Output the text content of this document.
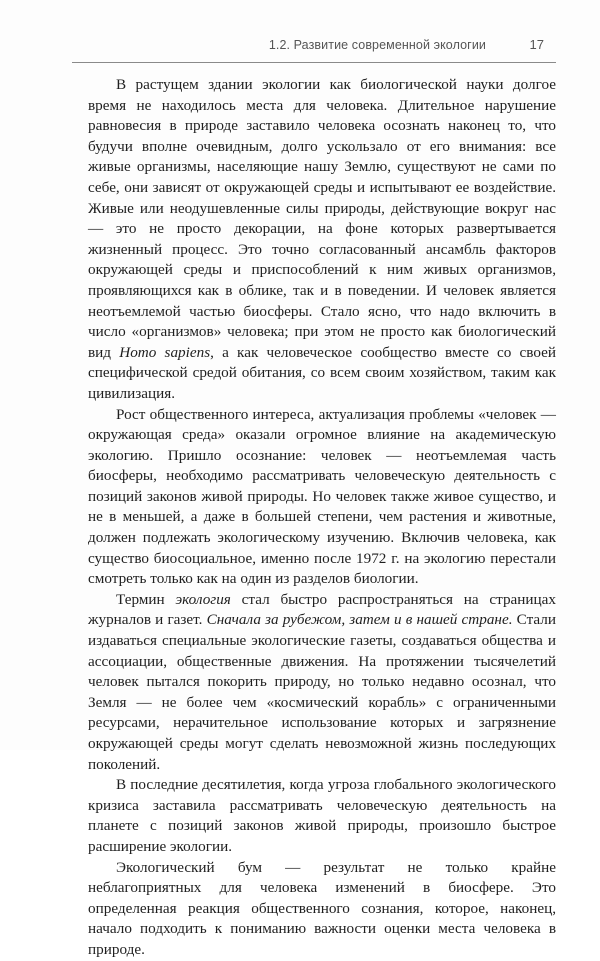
1.2. Развитие современной экологии	17

В растущем здании экологии как биологической науки долгое время не находилось места для человека. Длительное нарушение равновесия в природе заставило человека осознать наконец то, что будучи вполне очевидным, долго ускользало от его внимания: все живые организмы, населяющие нашу Землю, существуют не сами по себе, они зависят от окружающей среды и испытывают ее воздействие. Живые или неодушевленные силы природы, действующие вокруг нас — это не просто декорации, на фоне которых развертывается жизненный процесс. Это точно согласованный ансамбль факторов окружающей среды и приспособлений к ним живых организмов, проявляющихся как в облике, так и в поведении. И человек является неотъемлемой частью биосферы. Стало ясно, что надо включить в число «организмов» человека; при этом не просто как биологический вид Homo sapiens, а как человеческое сообщество вместе со своей специфической средой обитания, со всем своим хозяйством, таким как цивилизация.

Рост общественного интереса, актуализация проблемы «человек — окружающая среда» оказали огромное влияние на академическую экологию. Пришло осознание: человек — неотъемлемая часть биосферы, необходимо рассматривать человеческую деятельность с позиций законов живой природы. Но человек также живое существо, и не в меньшей, а даже в большей степени, чем растения и животные, должен подлежать экологическому изучению. Включив человека, как существо биосоциальное, именно после 1972 г. на экологию перестали смотреть только как на один из разделов биологии.

Термин экология стал быстро распространяться на страницах журналов и газет. Сначала за рубежом, затем и в нашей стране. Стали издаваться специальные экологические газеты, создаваться общества и ассоциации, общественные движения. На протяжении тысячелетий человек пытался покорить природу, но только недавно осознал, что Земля — не более чем «космический корабль» с ограниченными ресурсами, нерачительное использование которых и загрязнение окружающей среды могут сделать невозможной жизнь последующих поколений.

В последние десятилетия, когда угроза глобального экологического кризиса заставила рассматривать человеческую деятельность на планете с позиций законов живой природы, произошло быстрое расширение экологии.

Экологический бум — результат не только крайне неблагоприятных для человека изменений в биосфере. Это определенная реакция общественного сознания, которое, наконец, начало подходить к пониманию важности оценки места человека в природе.
